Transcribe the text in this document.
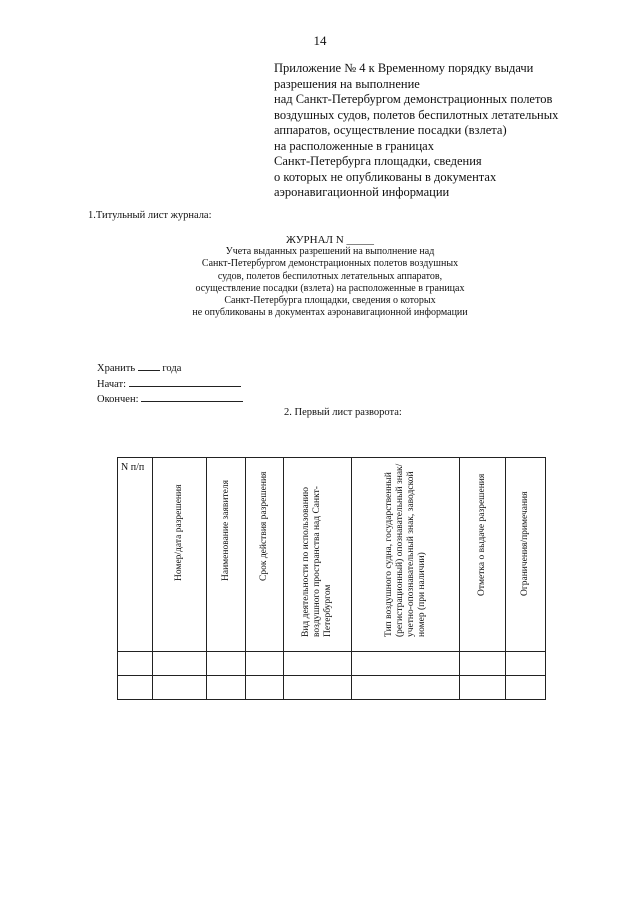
14
Приложение № 4 к Временному порядку выдачи
разрешения на выполнение
над Санкт-Петербургом демонстрационных полетов
воздушных судов, полетов беспилотных летательных
аппаратов, осуществление посадки (взлета)
на расположенные в границах
Санкт-Петербурга площадки, сведения
о которых не опубликованы в документах
аэронавигационной информации
1.Титульный лист журнала:
ЖУРНАЛ N _____
Учета выданных разрешений на выполнение над
Санкт-Петербургом демонстрационных полетов воздушных
судов, полетов беспилотных летательных аппаратов,
осуществление посадки (взлета) на расположенные в границах
Санкт-Петербурга площадки, сведения о которых
не опубликованы в документах аэронавигационной информации
Хранить	года
Начат:
Окончен:
2. Первый лист разворота:
N п/п	Номер/дата разрешения	Наименование заявителя	Срок действия разрешения	Вид деятельности по использованию воздушного пространства над Санкт-Петербургом	Тип воздушного судна, государственный (регистрационный) опознавательный знак/учетно-опознавательный знак, заводской номер (при наличии)	Отметка о выдаче разрешения	Ограничения/примечания
